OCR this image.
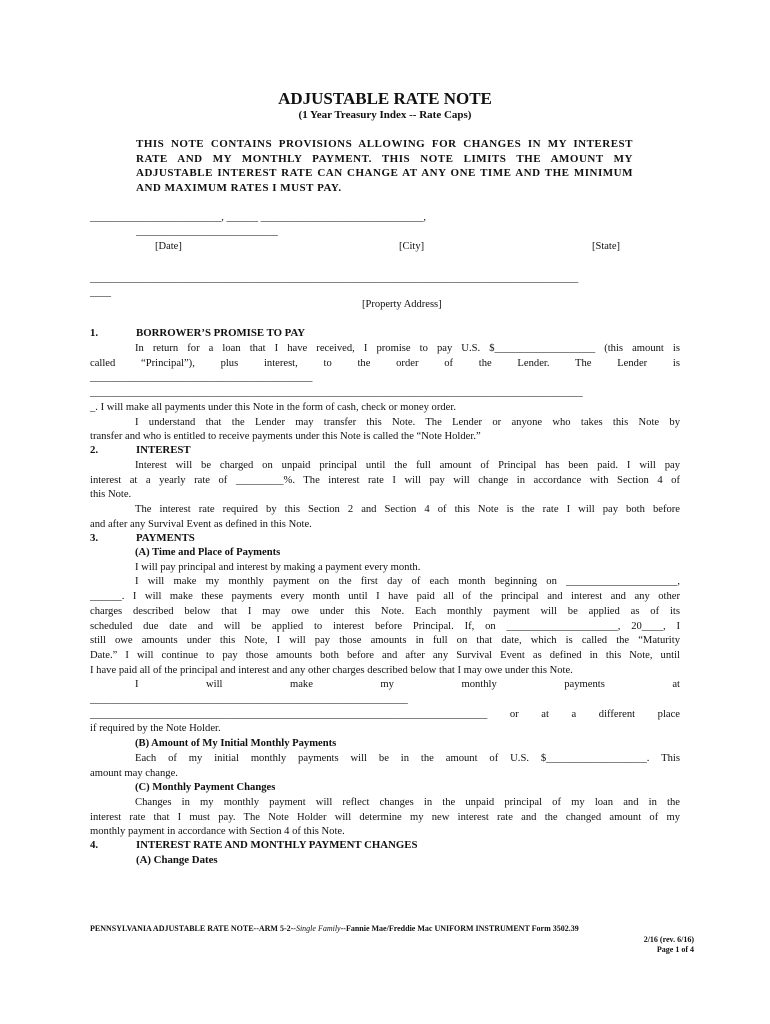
ADJUSTABLE RATE NOTE
(1 Year Treasury Index -- Rate Caps)
THIS NOTE CONTAINS PROVISIONS ALLOWING FOR CHANGES IN MY INTEREST RATE AND MY MONTHLY PAYMENT. THIS NOTE LIMITS THE AMOUNT MY ADJUSTABLE INTEREST RATE CAN CHANGE AT ANY ONE TIME AND THE MINIMUM AND MAXIMUM RATES I MUST PAY.
_________________________, ______ _______________________________,
___________________________
[Date]	[City]	[State]
_____________________________________________________________________________________________
____
[Property Address]
1.	BORROWER’S PROMISE TO PAY
In return for a loan that I have received, I promise to pay U.S. $___________________ (this amount is
called “Principal”), plus interest, to the order of the Lender. The Lender is
__________________________________________
_____________________________________________________________________________________________
_. I will make all payments under this Note in the form of cash, check or money order.
I understand that the Lender may transfer this Note. The Lender or anyone who takes this Note by
transfer and who is entitled to receive payments under this Note is called the “Note Holder.”
2.	INTEREST
Interest will be charged on unpaid principal until the full amount of Principal has been paid. I will pay
interest at a yearly rate of _________%. The interest rate I will pay will change in accordance with Section 4 of
this Note.
The interest rate required by this Section 2 and Section 4 of this Note is the rate I will pay both before
and after any Survival Event as defined in this Note.
3.	PAYMENTS
(A) Time and Place of Payments
I will pay principal and interest by making a payment every month.
I will make my monthly payment on the first day of each month beginning on _____________________,
______. I will make these payments every month until I have paid all of the principal and interest and any other
charges described below that I may owe under this Note. Each monthly payment will be applied as of its
scheduled due date and will be applied to interest before Principal. If, on _____________________, 20____, I
still owe amounts under this Note, I will pay those amounts in full on that date, which is called the “Maturity
Date.” I will continue to pay those amounts both before and after any Survival Event as defined in this Note, until
I have paid all of the principal and interest and any other charges described below that I may owe under this Note.
I will make my monthly payments at
____________________________________________________________
___________________________________________________________________________ or at a different place
if required by the Note Holder.
(B) Amount of My Initial Monthly Payments
Each of my initial monthly payments will be in the amount of U.S. $___________________. This
amount may change.
(C) Monthly Payment Changes
Changes in my monthly payment will reflect changes in the unpaid principal of my loan and in the
interest rate that I must pay. The Note Holder will determine my new interest rate and the changed amount of my
monthly payment in accordance with Section 4 of this Note.
4.	INTEREST RATE AND MONTHLY PAYMENT CHANGES
(A) Change Dates
PENNSYLVANIA ADJUSTABLE RATE NOTE--ARM 5-2--Single Family--Fannie Mae/Freddie Mac UNIFORM INSTRUMENT Form 3502.39
2/16 (rev. 6/16)
Page 1 of 4
